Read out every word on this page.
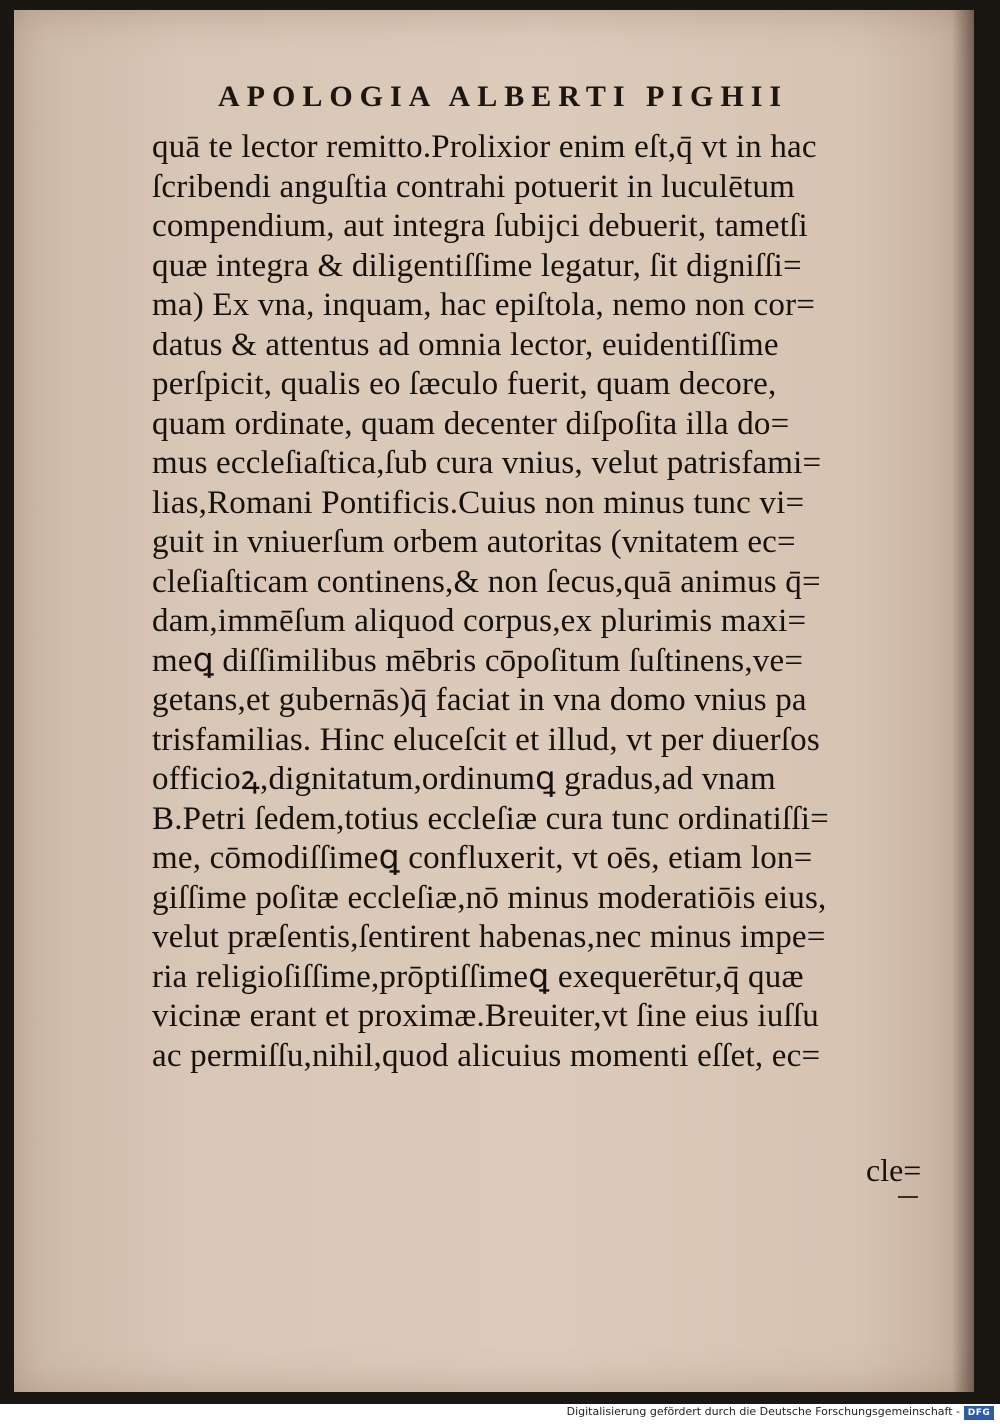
APOLOGIA ALBERTI PIGHII
quā te lector remitto.Prolixior enim eſt,q̄ vt in hac
ſcribendi anguſtia contrahi potuerit in luculētum
compendium, aut integra ſubijci debuerit, tametſi
quæ integra & diligentiſſime legatur, ſit digniſſi=
ma) Ex vna, inquam, hac epiſtola, nemo non cor=
datus & attentus ad omnia lector, euidentiſſime
perſpicit, qualis eo ſæculo fuerit, quam decore,
quam ordinate, quam decenter diſpoſita illa do=
mus eccleſiaſtica,ſub cura vnius, velut patrisfami=
lias,Romani Pontificis.Cuius non minus tunc vi=
guit in vniuerſum orbem autoritas (vnitatem ec=
cleſiaſticam continens,& non ſecus,quā animus q̄=
dam,immēſum aliquod corpus,ex plurimis maxi=
meꝗ diſſimilibus mēbris cōpoſitum ſuſtinens,ve=
getans,et gubernās)q̄ faciat in vna domo vnius pa
trisfamilias. Hinc eluceſcit et illud, vt per diuerſos
officioꝝ,dignitatum,ordinumꝗ gradus,ad vnam
B.Petri ſedem,totius eccleſiæ cura tunc ordinatiſſi=
me, cōmodiſſimeꝗ confluxerit, vt oēs, etiam lon=
giſſime poſitæ eccleſiæ,nō minus moderatiōis eius,
velut præſentis,ſentirent habenas,nec minus impe=
ria religioſiſſime,prōptiſſimeꝗ exequerētur,q̄ quæ
vicinæ erant et proximæ.Breuiter,vt ſine eius iuſſu
ac permiſſu,nihil,quod alicuius momenti eſſet, ec=
cle=
Digitalisierung gefördert durch die Deutsche Forschungsgemeinschaft - DFG
